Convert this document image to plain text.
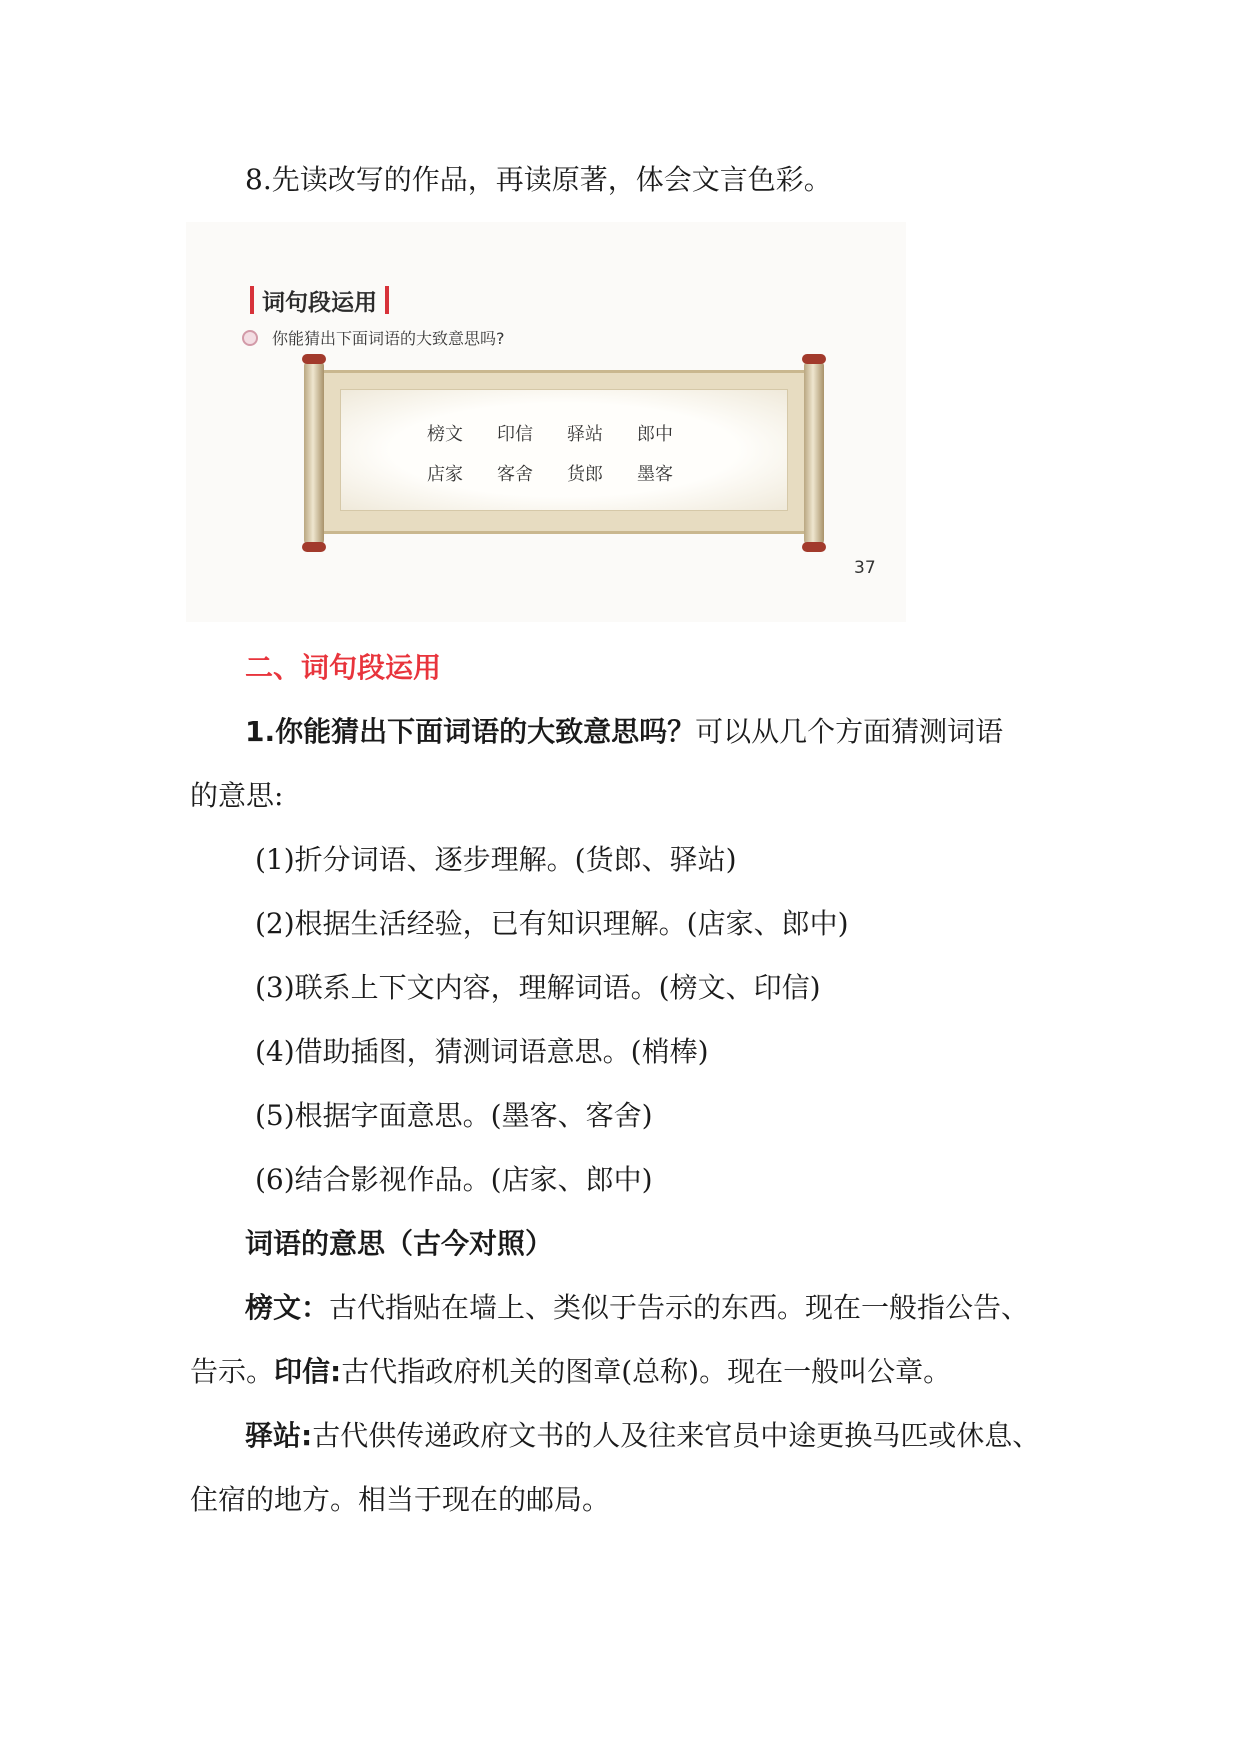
8.先读改写的作品，再读原著，体会文言色彩。
词句段运用
你能猜出下面词语的大致意思吗?
榜文	印信	驿站	郎中
店家	客舍	货郎	墨客
37
二、词句段运用
1.你能猜出下面词语的大致意思吗？可以从几个方面猜测词语
的意思:
(1)折分词语、逐步理解。(货郎、驿站)
(2)根据生活经验，已有知识理解。(店家、郎中)
(3)联系上下文内容，理解词语。(榜文、印信)
(4)借助插图，猜测词语意思。(梢棒)
(5)根据字面意思。(墨客、客舍)
(6)结合影视作品。(店家、郎中)
词语的意思（古今对照）
榜文：古代指贴在墙上、类似于告示的东西。现在一般指公告、
告示。印信:古代指政府机关的图章(总称)。现在一般叫公章。
驿站:古代供传递政府文书的人及往来官员中途更换马匹或休息、
住宿的地方。相当于现在的邮局。
